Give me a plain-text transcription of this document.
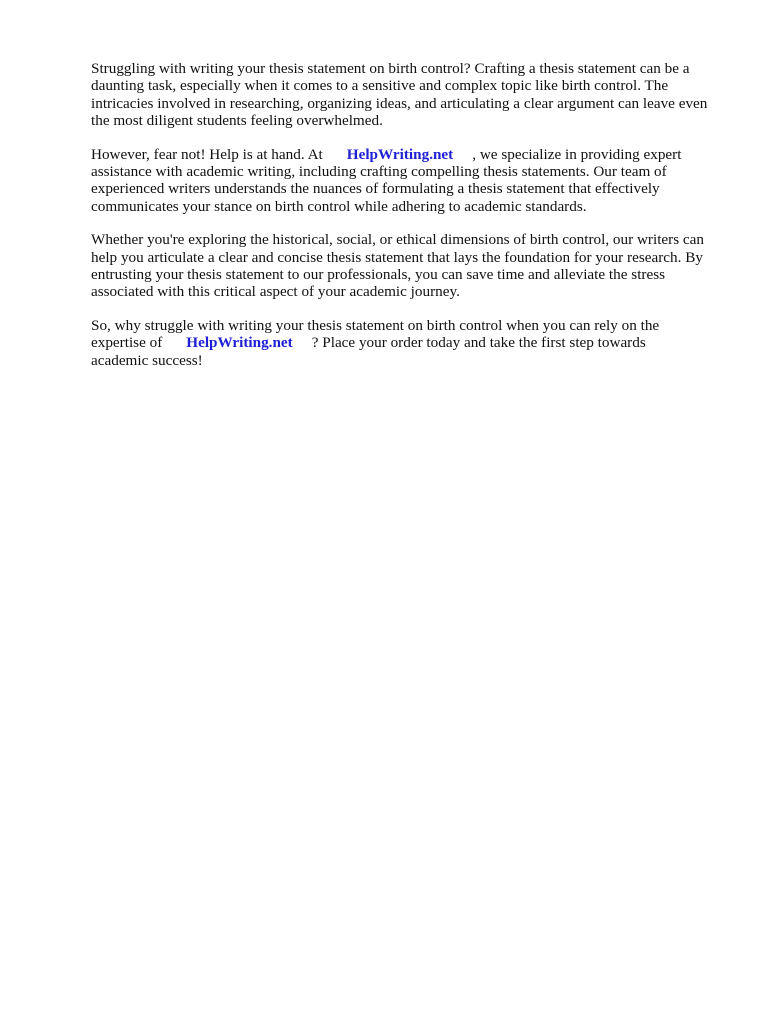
Struggling with writing your thesis statement on birth control? Crafting a thesis statement can be a
daunting task, especially when it comes to a sensitive and complex topic like birth control. The
intricacies involved in researching, organizing ideas, and articulating a clear argument can leave even
the most diligent students feeling overwhelmed.

However, fear not! Help is at hand. At HelpWriting.net , we specialize in providing expert
assistance with academic writing, including crafting compelling thesis statements. Our team of
experienced writers understands the nuances of formulating a thesis statement that effectively
communicates your stance on birth control while adhering to academic standards.

Whether you're exploring the historical, social, or ethical dimensions of birth control, our writers can
help you articulate a clear and concise thesis statement that lays the foundation for your research. By
entrusting your thesis statement to our professionals, you can save time and alleviate the stress
associated with this critical aspect of your academic journey.

So, why struggle with writing your thesis statement on birth control when you can rely on the
expertise of HelpWriting.net ? Place your order today and take the first step towards
academic success!
